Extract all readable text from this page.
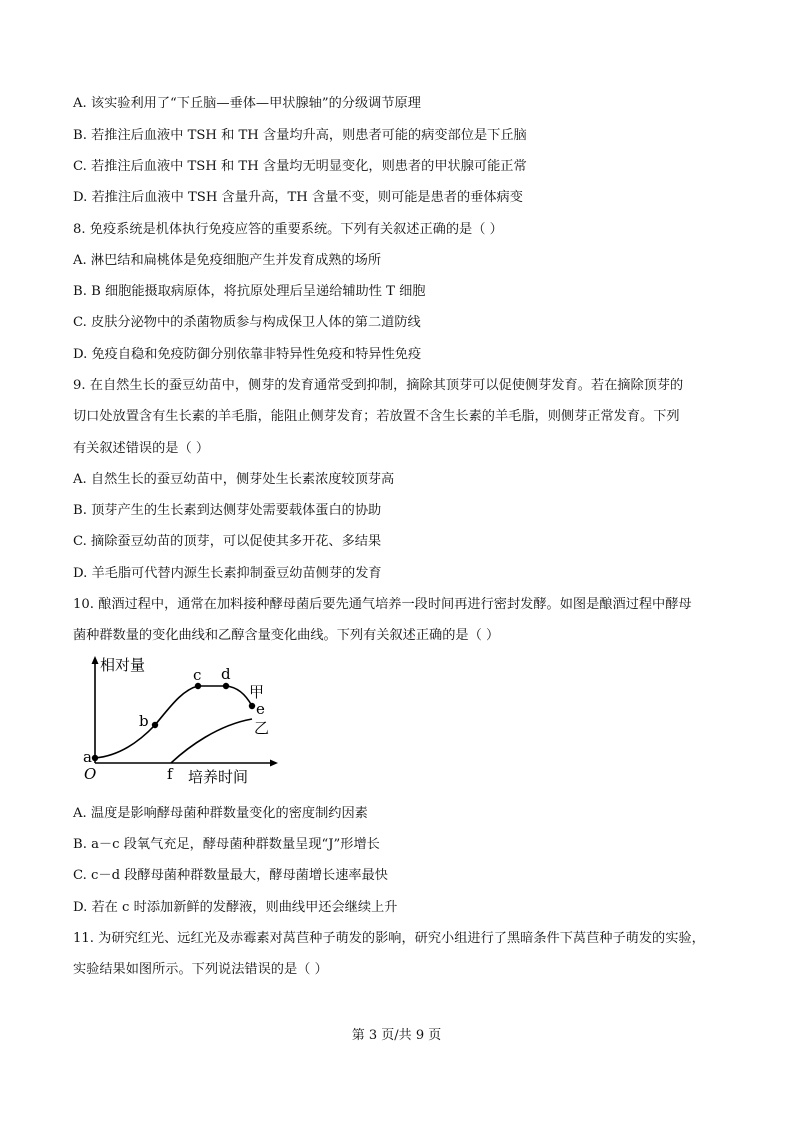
A. 该实验利用了“下丘脑—垂体—甲状腺轴”的分级调节原理
B. 若推注后血液中 TSH 和 TH 含量均升高，则患者可能的病变部位是下丘脑
C. 若推注后血液中 TSH 和 TH 含量均无明显变化，则患者的甲状腺可能正常
D. 若推注后血液中 TSH 含量升高，TH 含量不变，则可能是患者的垂体病变
8. 免疫系统是机体执行免疫应答的重要系统。下列有关叙述正确的是（ ）
A. 淋巴结和扁桃体是免疫细胞产生并发育成熟的场所
B. B 细胞能摄取病原体，将抗原处理后呈递给辅助性 T 细胞
C. 皮肤分泌物中的杀菌物质参与构成保卫人体的第二道防线
D. 免疫自稳和免疫防御分别依靠非特异性免疫和特异性免疫
9. 在自然生长的蚕豆幼苗中，侧芽的发育通常受到抑制，摘除其顶芽可以促使侧芽发育。若在摘除顶芽的
切口处放置含有生长素的羊毛脂，能阻止侧芽发育；若放置不含生长素的羊毛脂，则侧芽正常发育。下列
有关叙述错误的是（ ）
A. 自然生长的蚕豆幼苗中，侧芽处生长素浓度较顶芽高
B. 顶芽产生的生长素到达侧芽处需要载体蛋白的协助
C. 摘除蚕豆幼苗的顶芽，可以促使其多开花、多结果
D. 羊毛脂可代替内源生长素抑制蚕豆幼苗侧芽的发育
10. 酿酒过程中，通常在加料接种酵母菌后要先通气培养一段时间再进行密封发酵。如图是酿酒过程中酵母
菌种群数量的变化曲线和乙醇含量变化曲线。下列有关叙述正确的是（ ）
相对量
培养时间
O
a
b
c d
e
f
甲
乙
A. 温度是影响酵母菌种群数量变化的密度制约因素
B. a－c 段氧气充足，酵母菌种群数量呈现“J”形增长
C. c－d 段酵母菌种群数量最大，酵母菌增长速率最快
D. 若在 c 时添加新鲜的发酵液，则曲线甲还会继续上升
11. 为研究红光、远红光及赤霉素对莴苣种子萌发的影响，研究小组进行了黑暗条件下莴苣种子萌发的实验，
实验结果如图所示。下列说法错误的是（ ）
第 3 页/共 9 页
